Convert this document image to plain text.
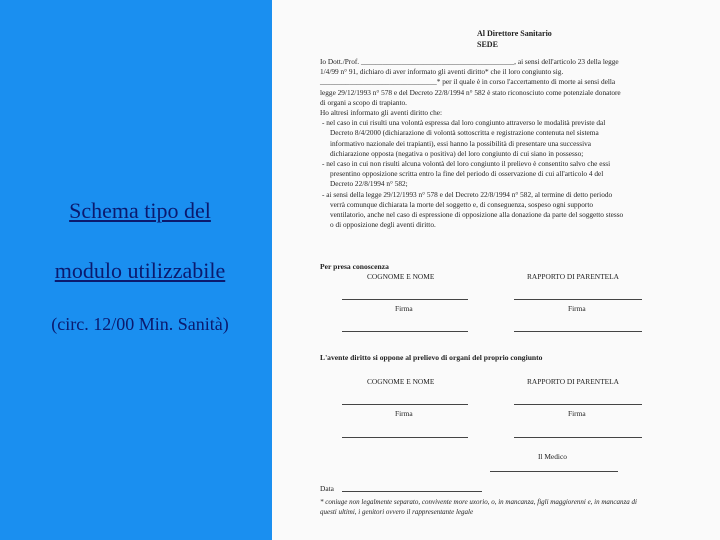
Schema tipo del
modulo utilizzabile
(circ. 12/00 Min. Sanità)
Al Direttore Sanitario
SEDE

Io Dott./Prof. __________________________________________, ai sensi dell'articolo 23 della legge 1/4/99 n° 91, dichiaro di aver informato gli aventi diritto* che il loro congiunto sig. ________________________________* per il quale è in corso l'accertamento di morte ai sensi della legge 29/12/1993 n° 578 e del Decreto 22/8/1994 n° 582 è stato riconosciuto come potenziale donatore di organi a scopo di trapianto.

Ho altresì informato gli aventi diritto che:

- nel caso in cui risulti una volontà espressa dal loro congiunto attraverso le modalità previste dal Decreto 8/4/2000 (dichiarazione di volontà sottoscritta e registrazione contenuta nel sistema informativo nazionale dei trapianti), essi hanno la possibilità di presentare una successiva dichiarazione opposta (negativa o positiva) del loro congiunto di cui siano in possesso;

- nel caso in cui non risulti alcuna volontà del loro congiunto il prelievo è consentito salvo che essi presentino opposizione scritta entro la fine del periodo di osservazione di cui all'articolo 4 del Decreto 22/8/1994 n° 582;

- ai sensi della legge 29/12/1993 n° 578 e del Decreto 22/8/1994 n° 582, al termine di detto periodo verrà comunque dichiarata la morte del soggetto e, di conseguenza, sospeso ogni supporto ventilatorio, anche nel caso di espressione di opposizione alla donazione da parte del soggetto stesso o di opposizione degli aventi diritto.

Per presa conoscenza
COGNOME E NOME	RAPPORTO DI PARENTELA
Firma	Firma
L'avente diritto si oppone al prelievo di organi del proprio congiunto
COGNOME E NOME	RAPPORTO DI PARENTELA
Firma	Firma
Il Medico
Data
* coniuge non legalmente separato, convivente more uxorio, o, in mancanza, figli maggiorenni e, in mancanza di questi ultimi, i genitori ovvero il rappresentante legale
